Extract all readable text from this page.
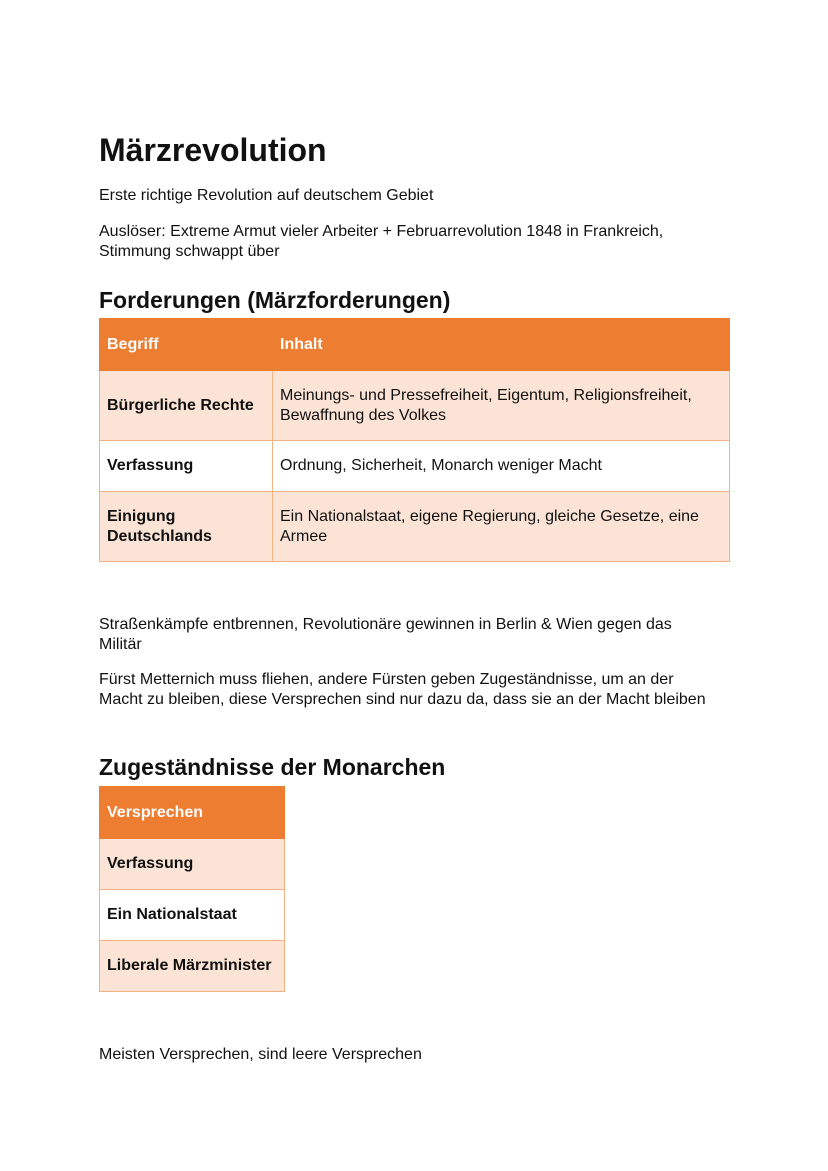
Märzrevolution

Erste richtige Revolution auf deutschem Gebiet

Auslöser: Extreme Armut vieler Arbeiter + Februarrevolution 1848 in Frankreich, Stimmung schwappt über

Forderungen (Märzforderungen)
Begriff	Inhalt
Bürgerliche Rechte	Meinungs- und Pressefreiheit, Eigentum, Religionsfreiheit, Bewaffnung des Volkes
Verfassung	Ordnung, Sicherheit, Monarch weniger Macht
Einigung Deutschlands	Ein Nationalstaat, eigene Regierung, gleiche Gesetze, eine Armee

Straßenkämpfe entbrennen, Revolutionäre gewinnen in Berlin & Wien gegen das Militär

Fürst Metternich muss fliehen, andere Fürsten geben Zugeständnisse, um an der Macht zu bleiben, diese Versprechen sind nur dazu da, dass sie an der Macht bleiben

Zugeständnisse der Monarchen
Versprechen
Verfassung
Ein Nationalstaat
Liberale Märzminister

Meisten Versprechen, sind leere Versprechen
